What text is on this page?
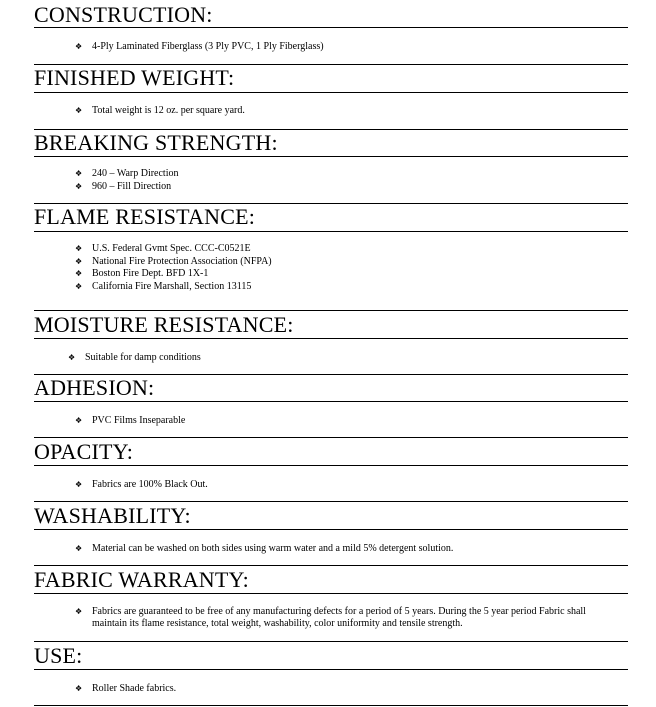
CONSTRUCTION:
❖ 4-Ply Laminated Fiberglass (3 Ply PVC, 1 Ply Fiberglass)
FINISHED WEIGHT:
❖ Total weight is 12 oz. per square yard.
BREAKING STRENGTH:
❖ 240 – Warp Direction
❖ 960 – Fill Direction
FLAME RESISTANCE:
❖ U.S. Federal Gvmt Spec. CCC-C0521E
❖ National Fire Protection Association (NFPA)
❖ Boston Fire Dept. BFD 1X-1
❖ California Fire Marshall, Section 13115
MOISTURE RESISTANCE:
❖ Suitable for damp conditions
ADHESION:
❖ PVC Films Inseparable
OPACITY:
❖ Fabrics are 100% Black Out.
WASHABILITY:
❖ Material can be washed on both sides using warm water and a mild 5% detergent solution.
FABRIC WARRANTY:
❖ Fabrics are guaranteed to be free of any manufacturing defects for a period of 5 years. During the 5 year period Fabric shall maintain its flame resistance, total weight, washability, color uniformity and tensile strength.
USE:
❖ Roller Shade fabrics.
